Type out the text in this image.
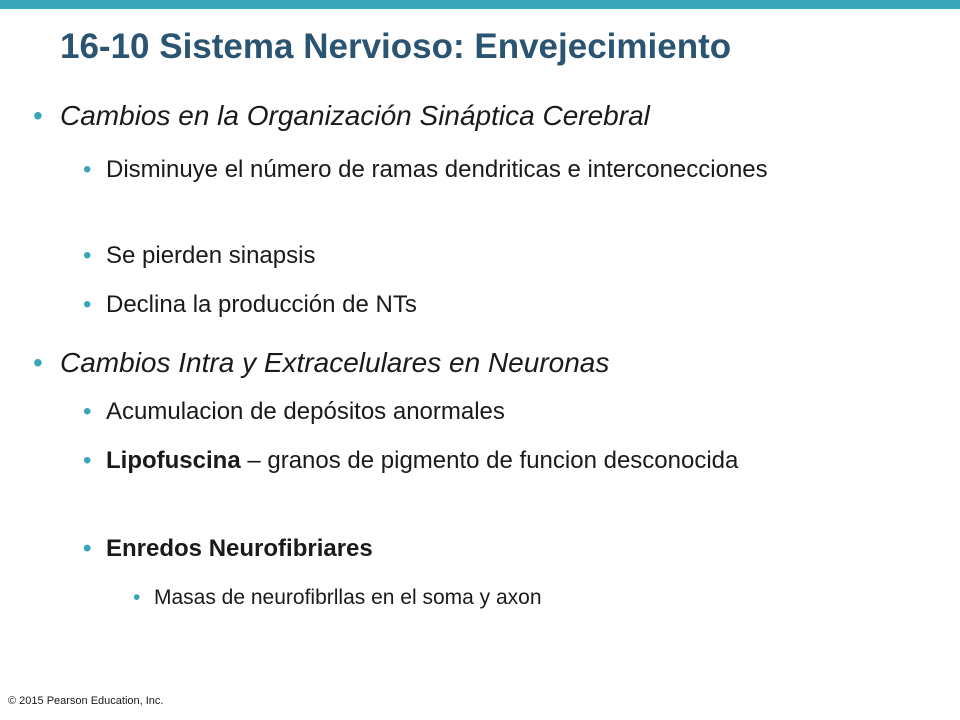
16-10 Sistema Nervioso: Envejecimiento
• Cambios en la Organización Sináptica Cerebral
• Disminuye el número de ramas dendriticas e interconecciones
• Se pierden sinapsis
• Declina la producción de NTs
• Cambios Intra y Extracelulares en Neuronas
• Acumulacion de depósitos anormales
• Lipofuscina – granos de pigmento de funcion desconocida
• Enredos Neurofibriares
• Masas de neurofibrllas en el soma y axon
© 2015 Pearson Education, Inc.
